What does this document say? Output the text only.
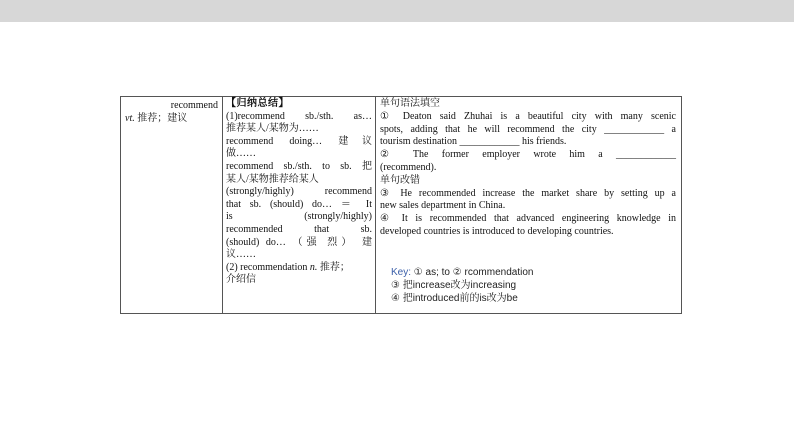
recommend
vt. 推荐；建议
【归纳总结】
(1)recommend sb./sth. as…
推荐某人/某物为……
recommend doing… 建议
做……
recommend sb./sth. to sb. 把
某人/某物推荐给某人
(strongly/highly) recommend
that sb. (should) do… ＝ It
is (strongly/highly)
recommended that sb.
(should) do… （强 烈） 建
议……
(2) recommendation n. 推荐；
介绍信
单句语法填空
① Deaton said Zhuhai is a beautiful city with many scenic
spots, adding that he will recommend the city ____________ a
tourism destination ____________ his friends.
② The former employer wrote him a ____________
(recommend).
单句改错
③ He recommended increase the market share by setting up a
new sales department in China.
④ It is recommended that advanced engineering knowledge in
developed countries is introduced to developing countries.
Key: ① as; to ② rcommendation
③ 把increase改为increasing
④ 把introduced前的is改为be
